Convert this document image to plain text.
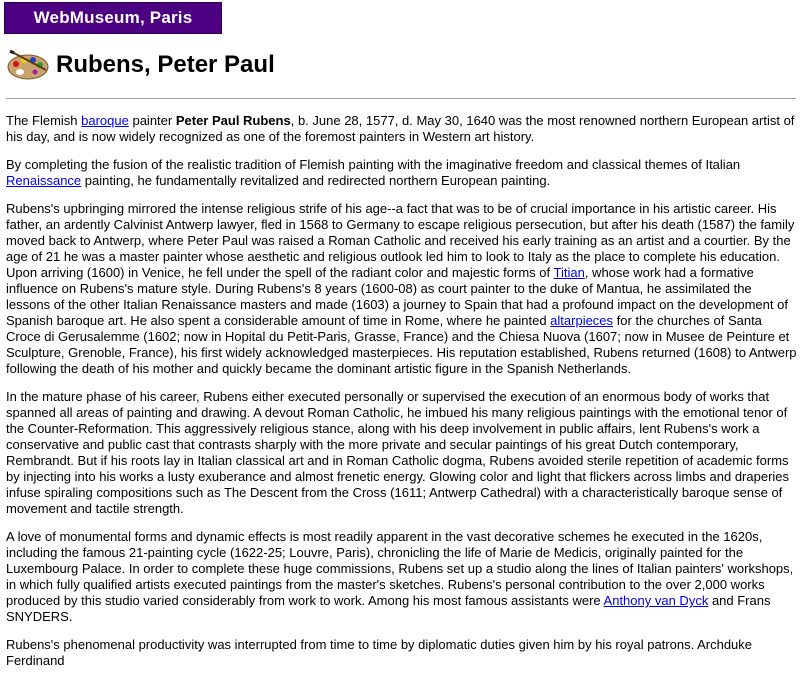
WebMuseum, Paris
Rubens, Peter Paul

The Flemish baroque painter Peter Paul Rubens, b. June 28, 1577, d. May 30, 1640 was the most renowned northern European artist of his day, and is now widely recognized as one of the foremost painters in Western art history.

By completing the fusion of the realistic tradition of Flemish painting with the imaginative freedom and classical themes of Italian Renaissance painting, he fundamentally revitalized and redirected northern European painting.

Rubens's upbringing mirrored the intense religious strife of his age--a fact that was to be of crucial importance in his artistic career. His father, an ardently Calvinist Antwerp lawyer, fled in 1568 to Germany to escape religious persecution, but after his death (1587) the family moved back to Antwerp, where Peter Paul was raised a Roman Catholic and received his early training as an artist and a courtier. By the age of 21 he was a master painter whose aesthetic and religious outlook led him to look to Italy as the place to complete his education. Upon arriving (1600) in Venice, he fell under the spell of the radiant color and majestic forms of Titian, whose work had a formative influence on Rubens's mature style. During Rubens's 8 years (1600-08) as court painter to the duke of Mantua, he assimilated the lessons of the other Italian Renaissance masters and made (1603) a journey to Spain that had a profound impact on the development of Spanish baroque art. He also spent a considerable amount of time in Rome, where he painted altarpieces for the churches of Santa Croce di Gerusalemme (1602; now in Hopital du Petit-Paris, Grasse, France) and the Chiesa Nuova (1607; now in Musee de Peinture et Sculpture, Grenoble, France), his first widely acknowledged masterpieces. His reputation established, Rubens returned (1608) to Antwerp following the death of his mother and quickly became the dominant artistic figure in the Spanish Netherlands.

In the mature phase of his career, Rubens either executed personally or supervised the execution of an enormous body of works that spanned all areas of painting and drawing. A devout Roman Catholic, he imbued his many religious paintings with the emotional tenor of the Counter-Reformation. This aggressively religious stance, along with his deep involvement in public affairs, lent Rubens's work a conservative and public cast that contrasts sharply with the more private and secular paintings of his great Dutch contemporary, Rembrandt. But if his roots lay in Italian classical art and in Roman Catholic dogma, Rubens avoided sterile repetition of academic forms by injecting into his works a lusty exuberance and almost frenetic energy. Glowing color and light that flickers across limbs and draperies infuse spiraling compositions such as The Descent from the Cross (1611; Antwerp Cathedral) with a characteristically baroque sense of movement and tactile strength.

A love of monumental forms and dynamic effects is most readily apparent in the vast decorative schemes he executed in the 1620s, including the famous 21-painting cycle (1622-25; Louvre, Paris), chronicling the life of Marie de Medicis, originally painted for the Luxembourg Palace. In order to complete these huge commissions, Rubens set up a studio along the lines of Italian painters' workshops, in which fully qualified artists executed paintings from the master's sketches. Rubens's personal contribution to the over 2,000 works produced by this studio varied considerably from work to work. Among his most famous assistants were Anthony van Dyck and Frans SNYDERS.

Rubens's phenomenal productivity was interrupted from time to time by diplomatic duties given him by his royal patrons. Archduke Ferdinand
